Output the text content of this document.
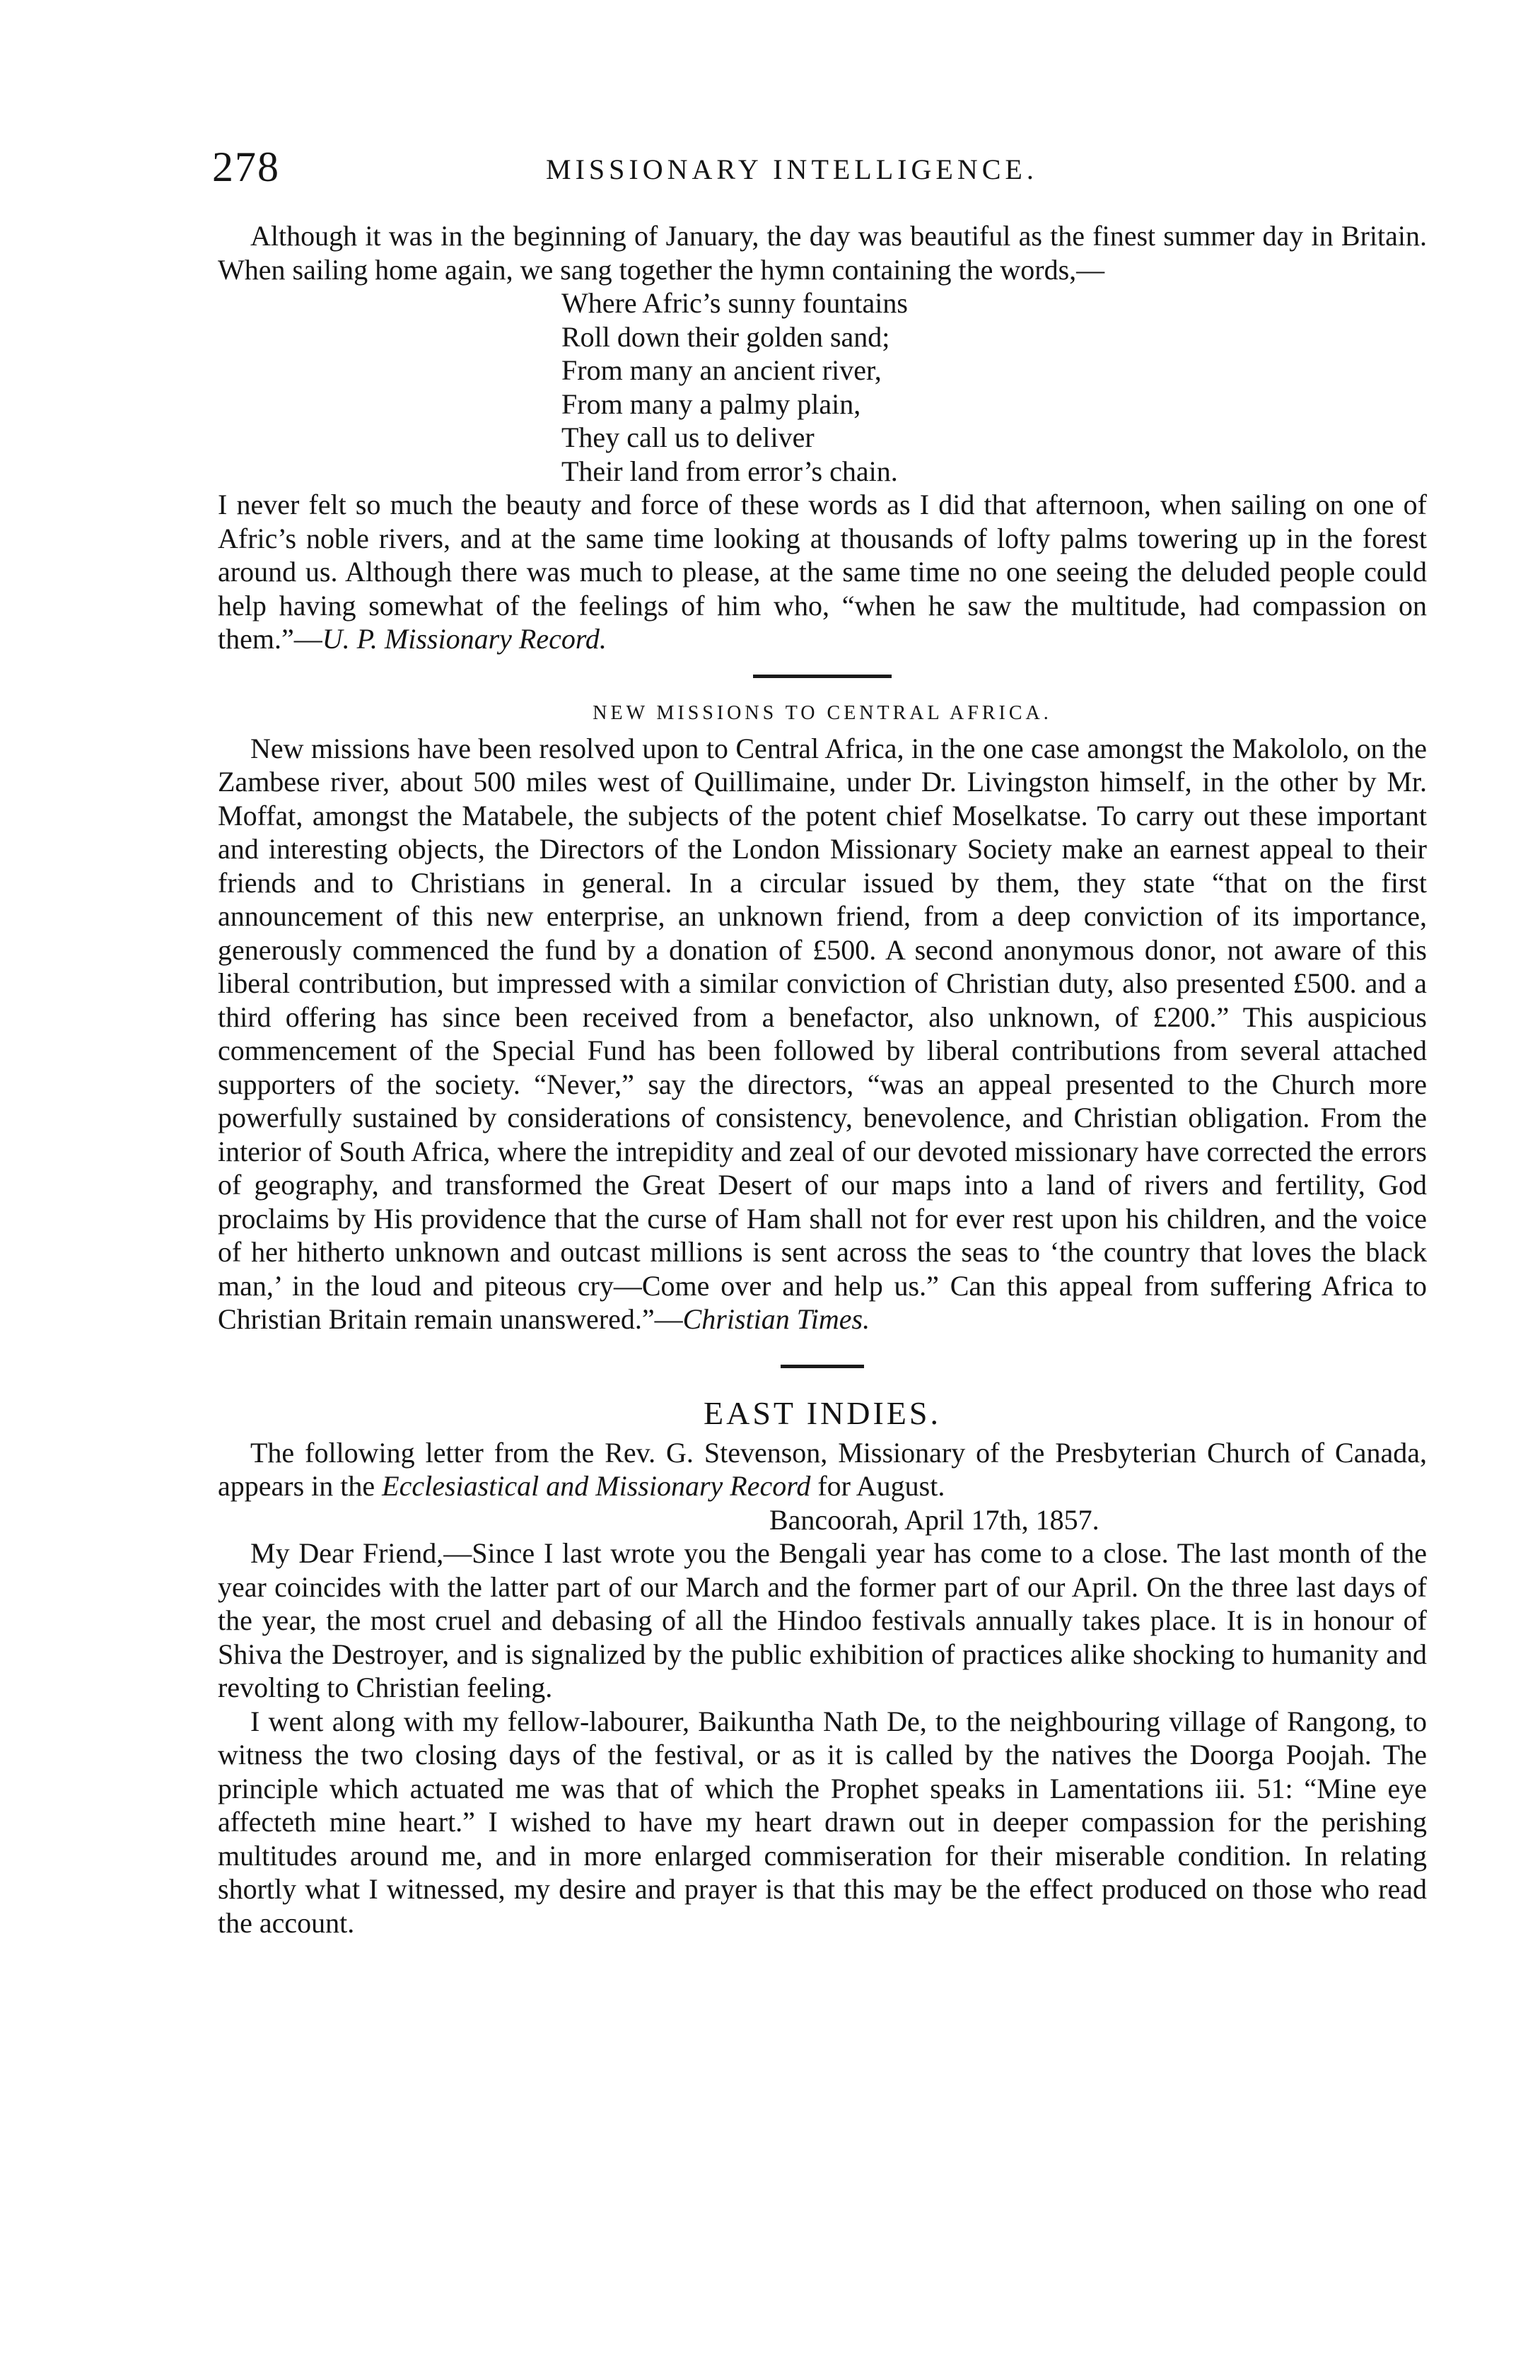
278	MISSIONARY INTELLIGENCE.

Although it was in the beginning of January, the day was beautiful as the finest summer day in Britain. When sailing home again, we sang together the hymn containing the words,—

Where Afric’s sunny fountains
Roll down their golden sand;
From many an ancient river,
From many a palmy plain,
They call us to deliver
Their land from error’s chain.

I never felt so much the beauty and force of these words as I did that afternoon, when sailing on one of Afric’s noble rivers, and at the same time looking at thousands of lofty palms towering up in the forest around us. Although there was much to please, at the same time no one seeing the deluded people could help having somewhat of the feelings of him who, “when he saw the multitude, had compassion on them.”—U. P. Missionary Record.

NEW MISSIONS TO CENTRAL AFRICA.

New missions have been resolved upon to Central Africa, in the one case amongst the Makololo, on the Zambese river, about 500 miles west of Quillimaine, under Dr. Livingston himself, in the other by Mr. Moffat, amongst the Matabele, the subjects of the potent chief Moselkatse. To carry out these important and interesting objects, the Directors of the London Missionary Society make an earnest appeal to their friends and to Christians in general. In a circular issued by them, they state “that on the first announcement of this new enterprise, an unknown friend, from a deep conviction of its importance, generously commenced the fund by a donation of £500. A second anonymous donor, not aware of this liberal contribution, but impressed with a similar conviction of Christian duty, also presented £500. and a third offering has since been received from a benefactor, also unknown, of £200.” This auspicious commencement of the Special Fund has been followed by liberal contributions from several attached supporters of the society. “Never,” say the directors, “was an appeal presented to the Church more powerfully sustained by considerations of consistency, benevolence, and Christian obligation. From the interior of South Africa, where the intrepidity and zeal of our devoted missionary have corrected the errors of geography, and transformed the Great Desert of our maps into a land of rivers and fertility, God proclaims by His providence that the curse of Ham shall not for ever rest upon his children, and the voice of her hitherto unknown and outcast millions is sent across the seas to ‘the country that loves the black man,’ in the loud and piteous cry—Come over and help us.” Can this appeal from suffering Africa to Christian Britain remain unanswered.”—Christian Times.

EAST INDIES.

The following letter from the Rev. G. Stevenson, Missionary of the Presbyterian Church of Canada, appears in the Ecclesiastical and Missionary Record for August.

Bancoorah, April 17th, 1857.

My Dear Friend,—Since I last wrote you the Bengali year has come to a close. The last month of the year coincides with the latter part of our March and the former part of our April. On the three last days of the year, the most cruel and debasing of all the Hindoo festivals annually takes place. It is in honour of Shiva the Destroyer, and is signalized by the public exhibition of practices alike shocking to humanity and revolting to Christian feeling.

I went along with my fellow-labourer, Baikuntha Nath De, to the neighbouring village of Rangong, to witness the two closing days of the festival, or as it is called by the natives the Doorga Poojah. The principle which actuated me was that of which the Prophet speaks in Lamentations iii. 51: “Mine eye affecteth mine heart.” I wished to have my heart drawn out in deeper compassion for the perishing multitudes around me, and in more enlarged commiseration for their miserable condition. In relating shortly what I witnessed, my desire and prayer is that this may be the effect produced on those who read the account.
